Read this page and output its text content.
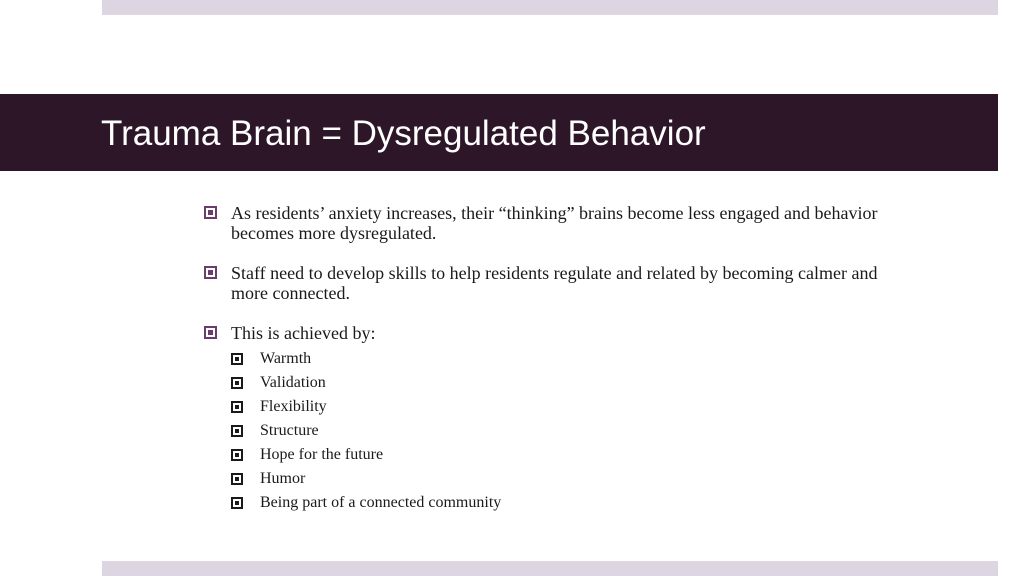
Trauma Brain = Dysregulated Behavior
As residents’ anxiety increases, their “thinking” brains become less engaged and behavior becomes more dysregulated.
Staff need to develop skills to help residents regulate and related by becoming calmer and more connected.
This is achieved by:
Warmth
Validation
Flexibility
Structure
Hope for the future
Humor
Being part of a connected community
